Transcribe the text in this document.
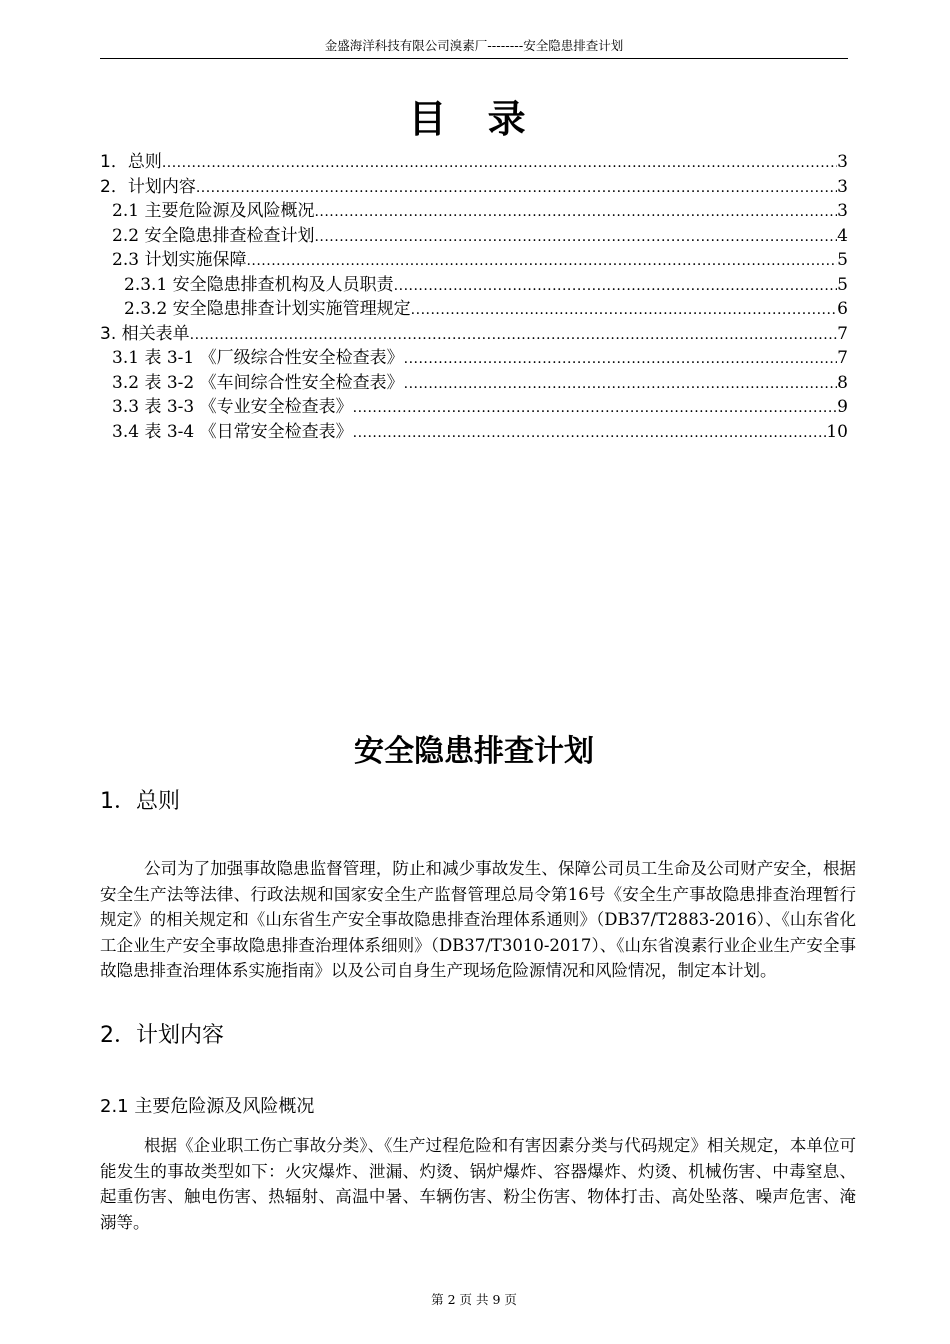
金盛海洋科技有限公司溴素厂--------安全隐患排查计划
目 录
1．总则 .....	3
2．计划内容 .....	3
2.1 主要危险源及风险概况 .....	3
2.2 安全隐患排查检查计划 .....	4
2.3 计划实施保障 .....	5
2.3.1 安全隐患排查机构及人员职责 .....	5
2.3.2 安全隐患排查计划实施管理规定 .....	6
3. 相关表单 .....	7
3.1 表 3-1 《厂级综合性安全检查表》 .....	7
3.2 表 3-2 《车间综合性安全检查表》 .....	8
3.3 表 3-3 《专业安全检查表》 .....	9
3.4 表 3-4 《日常安全检查表》 .....	10
安全隐患排查计划
1．总则

公司为了加强事故隐患监督管理，防止和减少事故发生、保障公司员工生命及公司财产安全，根据安全生产法等法律、行政法规和国家安全生产监督管理总局令第16号《安全生产事故隐患排查治理暂行规定》的相关规定和《山东省生产安全事故隐患排查治理体系通则》（DB37/T2883-2016）、《山东省化工企业生产安全事故隐患排查治理体系细则》（DB37/T3010-2017）、《山东省溴素行业企业生产安全事故隐患排查治理体系实施指南》以及公司自身生产现场危险源情况和风险情况，制定本计划。

2．计划内容
2.1 主要危险源及风险概况

根据《企业职工伤亡事故分类》、《生产过程危险和有害因素分类与代码规定》相关规定，本单位可能发生的事故类型如下：火灾爆炸、泄漏、灼烫、锅炉爆炸、容器爆炸、灼烫、机械伤害、中毒窒息、起重伤害、触电伤害、热辐射、高温中暑、车辆伤害、粉尘伤害、物体打击、高处坠落、噪声危害、淹溺等。

第 2 页 共 9 页
